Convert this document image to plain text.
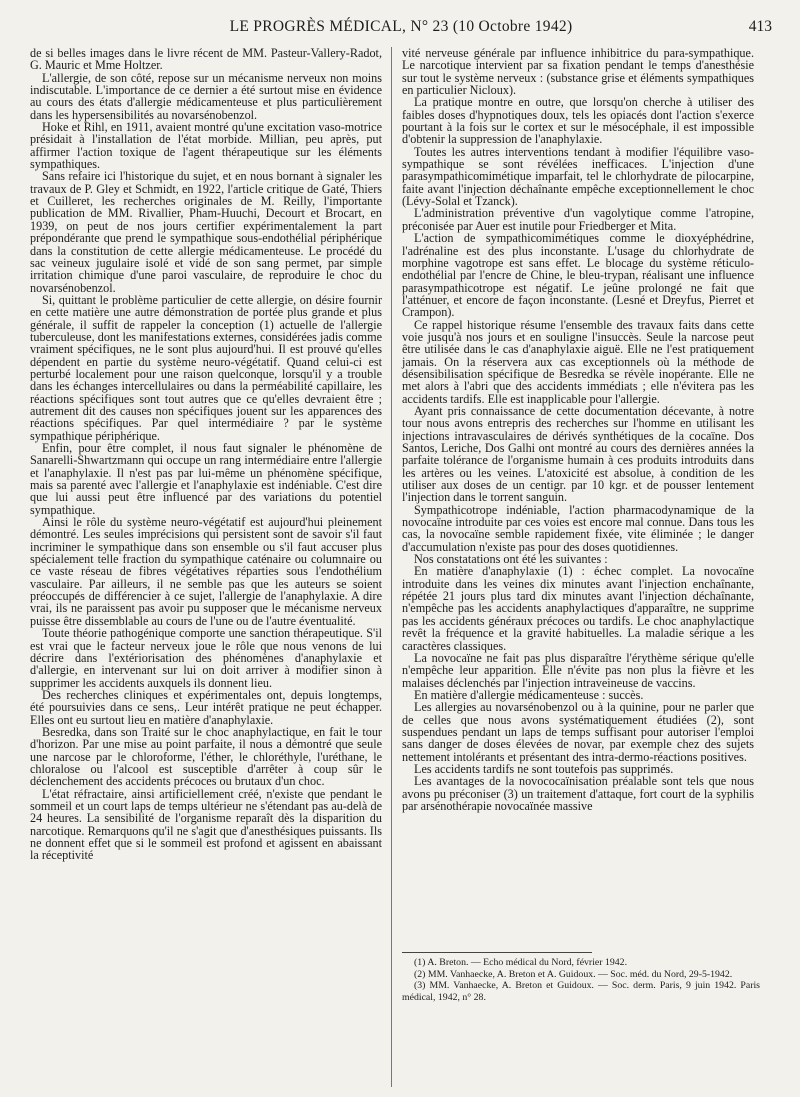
LE PROGRÈS MÉDICAL, N° 23 (10 Octobre 1942)	413

de si belles images dans le livre récent de MM. Pasteur-Vallery-Radot, G. Mauric et Mme Holtzer.

L'allergie, de son côté, repose sur un mécanisme nerveux non moins indiscutable. L'importance de ce dernier a été surtout mise en évidence au cours des états d'allergie médicamenteuse et plus particulièrement dans les hypersensibilités au novarsénobenzol.

Hoke et Rihl, en 1911, avaient montré qu'une excitation vaso-motrice présidait à l'installation de l'état morbide. Millian, peu après, put affirmer l'action toxique de l'agent thérapeutique sur les éléments sympathiques.

Sans refaire ici l'historique du sujet, et en nous bornant à signaler les travaux de P. Gley et Schmidt, en 1922, l'article critique de Gaté, Thiers et Cuilleret, les recherches originales de M. Reilly, l'importante publication de MM. Rivallier, Pham-Huuchi, Decourt et Brocart, en 1939, on peut de nos jours certifier expérimentalement la part prépondérante que prend le sympathique sous-endothélial périphérique dans la constitution de cette allergie médicamenteuse. Le procédé du sac veineux jugulaire isolé et vidé de son sang permet, par simple irritation chimique d'une paroi vasculaire, de reproduire le choc du novarsénobenzol.

Si, quittant le problème particulier de cette allergie, on désire fournir en cette matière une autre démonstration de portée plus grande et plus générale, il suffit de rappeler la conception (1) actuelle de l'allergie tuberculeuse, dont les manifestations externes, considérées jadis comme vraiment spécifiques, ne le sont plus aujourd'hui. Il est prouvé qu'elles dépendent en partie du système neuro-végétatif. Quand celui-ci est perturbé localement pour une raison quelconque, lorsqu'il y a trouble dans les échanges intercellulaires ou dans la perméabilité capillaire, les réactions spécifiques sont tout autres que ce qu'elles devraient être ; autrement dit des causes non spécifiques jouent sur les apparences des réactions spécifiques. Par quel intermédiaire ? par le système sympathique périphérique.

Enfin, pour être complet, il nous faut signaler le phénomène de Sanarelli-Shwartzmann qui occupe un rang intermédiaire entre l'allergie et l'anaphylaxie. Il n'est pas par lui-même un phénomène spécifique, mais sa parenté avec l'allergie et l'anaphylaxie est indéniable. C'est dire que lui aussi peut être influencé par des variations du potentiel sympathique.

Ainsi le rôle du système neuro-végétatif est aujourd'hui pleinement démontré. Les seules imprécisions qui persistent sont de savoir s'il faut incriminer le sympathique dans son ensemble ou s'il faut accuser plus spécialement telle fraction du sympathique caténaire ou columnaire ou ce vaste réseau de fibres végétatives réparties sous l'endothélium vasculaire. Par ailleurs, il ne semble pas que les auteurs se soient préoccupés de différencier à ce sujet, l'allergie de l'anaphylaxie. A dire vrai, ils ne paraissent pas avoir pu supposer que le mécanisme nerveux puisse être dissemblable au cours de l'une ou de l'autre éventualité.

Toute théorie pathogénique comporte une sanction thérapeutique. S'il est vrai que le facteur nerveux joue le rôle que nous venons de lui décrire dans l'extériorisation des phénomènes d'anaphylaxie et d'allergie, en intervenant sur lui on doit arriver à modifier sinon à supprimer les accidents auxquels ils donnent lieu.

Des recherches cliniques et expérimentales ont, depuis longtemps, été poursuivies dans ce sens,. Leur intérêt pratique ne peut échapper. Elles ont eu surtout lieu en matière d'anaphylaxie.

Besredka, dans son Traité sur le choc anaphylactique, en fait le tour d'horizon. Par une mise au point parfaite, il nous a démontré que seule une narcose par le chloroforme, l'éther, le chloréthyle, l'uréthane, le chloralose ou l'alcool est susceptible d'arrêter à coup sûr le déclenchement des accidents précoces ou brutaux d'un choc.

L'état réfractaire, ainsi artificiellement créé, n'existe que pendant le sommeil et un court laps de temps ultérieur ne s'étendant pas au-delà de 24 heures. La sensibilité de l'organisme reparaît dès la disparition du narcotique. Remarquons qu'il ne s'agit que d'anesthésiques puissants. Ils ne donnent effet que si le sommeil est profond et agissent en abaissant la réceptivité

vité nerveuse générale par influence inhibitrice du para-sympathique. Le narcotique intervient par sa fixation pendant le temps d'anesthésie sur tout le système nerveux : (substance grise et éléments sympathiques en particulier Nicloux).

La pratique montre en outre, que lorsqu'on cherche à utiliser des faibles doses d'hypnotiques doux, tels les opiacés dont l'action s'exerce pourtant à la fois sur le cortex et sur le mésocéphale, il est impossible d'obtenir la suppression de l'anaphylaxie.

Toutes les autres interventions tendant à modifier l'équilibre vaso-sympathique se sont révélées inefficaces. L'injection d'une parasympathicomimétique imparfait, tel le chlorhydrate de pilocarpine, faite avant l'injection déchaînante empêche exceptionnellement le choc (Lévy-Solal et Tzanck).

L'administration préventive d'un vagolytique comme l'atropine, préconisée par Auer est inutile pour Friedberger et Mita.

L'action de sympathicomimétiques comme le dioxyéphédrine, l'adrénaline est des plus inconstante. L'usage du chlorhydrate de morphine vagotrope est sans effet. Le blocage du système réticulo-endothélial par l'encre de Chine, le bleu-trypan, réalisant une influence parasympathicotrope est négatif. Le jeûne prolongé ne fait que l'atténuer, et encore de façon inconstante. (Lesné et Dreyfus, Pierret et Crampon).

Ce rappel historique résume l'ensemble des travaux faits dans cette voie jusqu'à nos jours et en souligne l'insuccès. Seule la narcose peut être utilisée dans le cas d'anaphylaxie aiguë. Elle ne l'est pratiquement jamais. On la réservera aux cas exceptionnels où la méthode de désensibilisation spécifique de Besredka se révèle inopérante. Elle ne met alors à l'abri que des accidents immédiats ; elle n'évitera pas les accidents tardifs. Elle est inapplicable pour l'allergie.

Ayant pris connaissance de cette documentation décevante, à notre tour nous avons entrepris des recherches sur l'homme en utilisant les injections intravasculaires de dérivés synthétiques de la cocaïne. Dos Santos, Leriche, Dos Galhi ont montré au cours des dernières années la parfaite tolérance de l'organisme humain à ces produits introduits dans les artères ou les veines. L'atoxicité est absolue, à condition de les utiliser aux doses de un centigr. par 10 kgr. et de pousser lentement l'injection dans le torrent sanguin.

Sympathicotrope indéniable, l'action pharmacodynamique de la novocaïne introduite par ces voies est encore mal connue. Dans tous les cas, la novocaïne semble rapidement fixée, vite éliminée ; le danger d'accumulation n'existe pas pour des doses quotidiennes.

Nos constatations ont été les suivantes :

En matière d'anaphylaxie (1) : échec complet. La novocaïne introduite dans les veines dix minutes avant l'injection enchaînante, répétée 21 jours plus tard dix minutes avant l'injection déchaînante, n'empêche pas les accidents anaphylactiques d'apparaître, ne supprime pas les accidents généraux précoces ou tardifs. Le choc anaphylactique revêt la fréquence et la gravité habituelles. La maladie sérique a les caractères classiques.

La novocaïne ne fait pas plus disparaître l'érythème sérique qu'elle n'empêche leur apparition. Elle n'évite pas non plus la fièvre et les malaises déclenchés par l'injection intraveineuse de vaccins.

En matière d'allergie médicamenteuse : succès.

Les allergies au novarsénobenzol ou à la quinine, pour ne parler que de celles que nous avons systématiquement étudiées (2), sont suspendues pendant un laps de temps suffisant pour autoriser l'emploi sans danger de doses élevées de novar, par exemple chez des sujets nettement intolérants et présentant des intra-dermo-réactions positives.

Les accidents tardifs ne sont toutefois pas supprimés.

Les avantages de la novococaïnisation préalable sont tels que nous avons pu préconiser (3) un traitement d'attaque, fort court de la syphilis par arsénothérapie novocaïnée massive

(1) A. Breton. — Echo médical du Nord, février 1942.

(2) MM. Vanhaecke, A. Breton et A. Guidoux. — Soc. méd. du Nord, 29-5-1942.

(3) MM. Vanhaecke, A. Breton et Guidoux. — Soc. derm. Paris, 9 juin 1942. Paris médical, 1942, n° 28.
